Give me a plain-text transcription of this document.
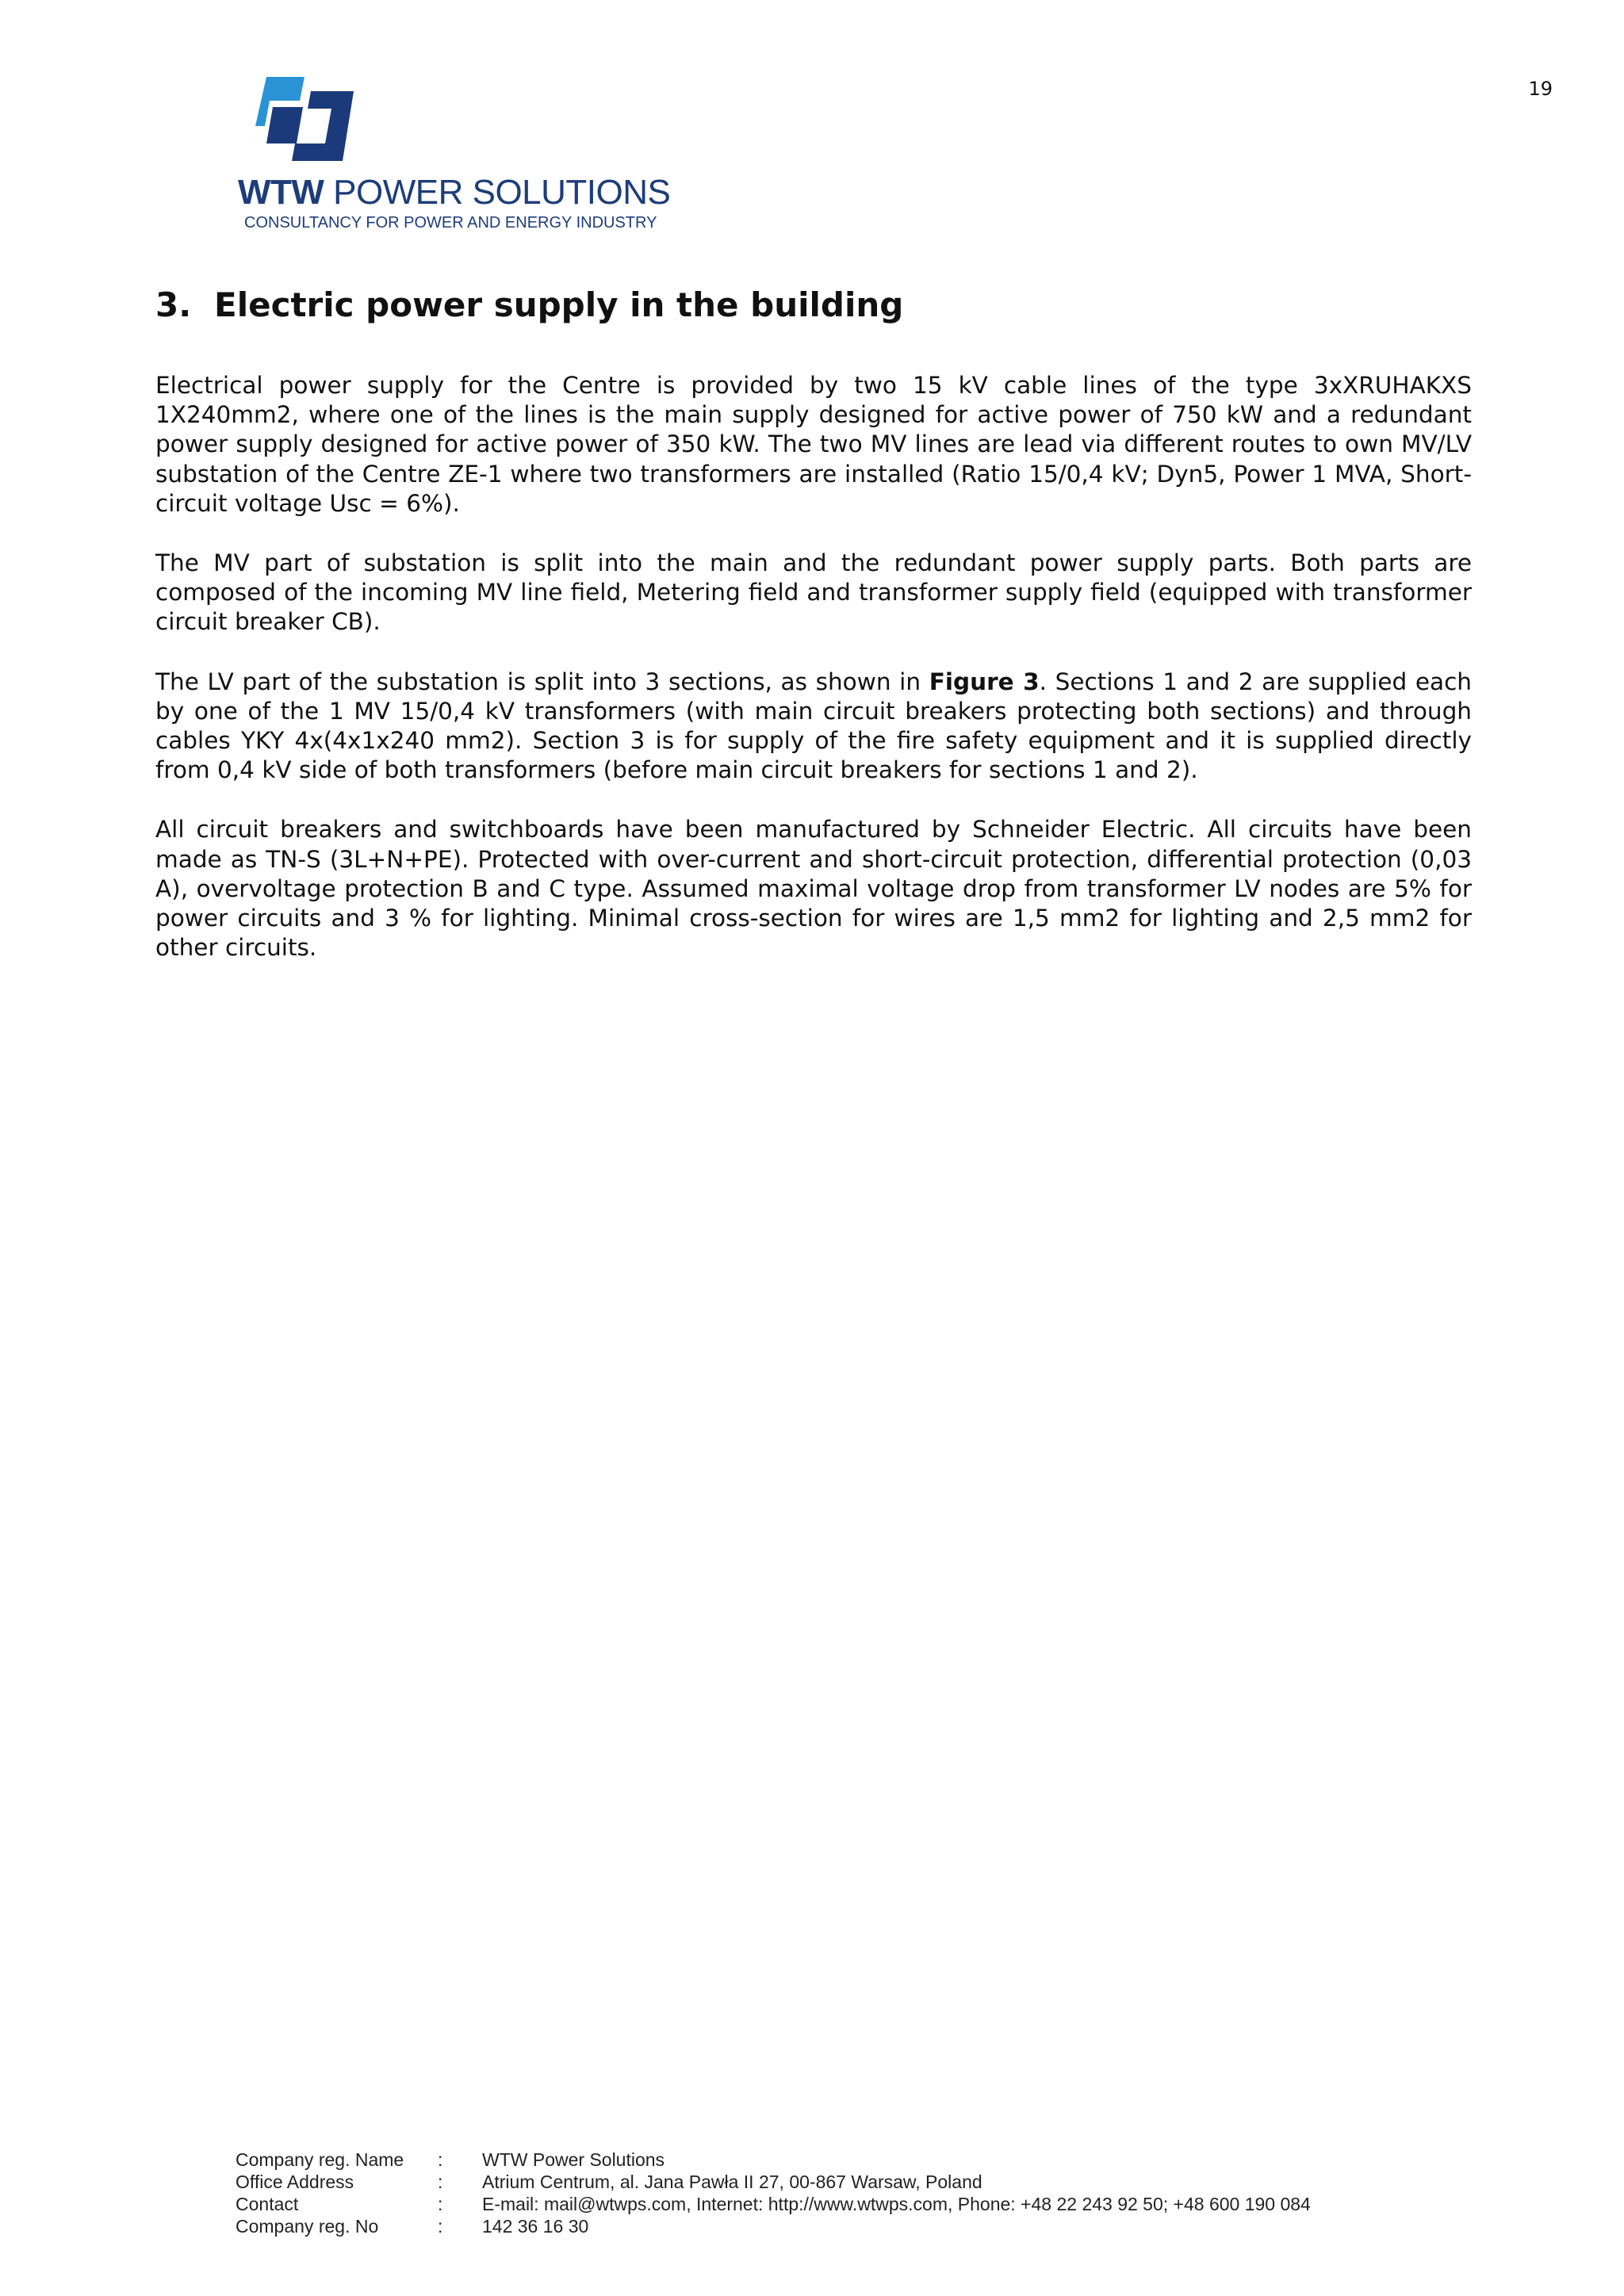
19
WTW POWER SOLUTIONS
CONSULTANCY FOR POWER AND ENERGY INDUSTRY
3. Electric power supply in the building

Electrical power supply for the Centre is provided by two 15 kV cable lines of the type 3xXRUHAKXS 1X240mm2, where one of the lines is the main supply designed for active power of 750 kW and a redundant power supply designed for active power of 350 kW. The two MV lines are lead via different routes to own MV/LV substation of the Centre ZE-1 where two transformers are installed (Ratio 15/0,4 kV; Dyn5, Power 1 MVA, Short-circuit voltage Usc = 6%).

The MV part of substation is split into the main and the redundant power supply parts. Both parts are composed of the incoming MV line field, Metering field and transformer supply field (equipped with transformer circuit breaker CB).

The LV part of the substation is split into 3 sections, as shown in Figure 3. Sections 1 and 2 are supplied each by one of the 1 MV 15/0,4 kV transformers (with main circuit breakers protecting both sections) and through cables YKY 4x(4x1x240 mm2). Section 3 is for supply of the fire safety equipment and it is supplied directly from 0,4 kV side of both transformers (before main circuit breakers for sections 1 and 2).

All circuit breakers and switchboards have been manufactured by Schneider Electric. All circuits have been made as TN-S (3L+N+PE). Protected with over-current and short-circuit protection, differential protection (0,03 A), overvoltage protection B and C type. Assumed maximal voltage drop from transformer LV nodes are 5% for power circuits and 3 % for lighting. Minimal cross-section for wires are 1,5 mm2 for lighting and 2,5 mm2 for other circuits.

Company reg. Name	:	WTW Power Solutions
Office Address	:	Atrium Centrum, al. Jana Pawła II 27, 00-867 Warsaw, Poland
Contact	:	E-mail: mail@wtwps.com, Internet: http://www.wtwps.com, Phone: +48 22 243 92 50; +48 600 190 084
Company reg. No	:	142 36 16 30
